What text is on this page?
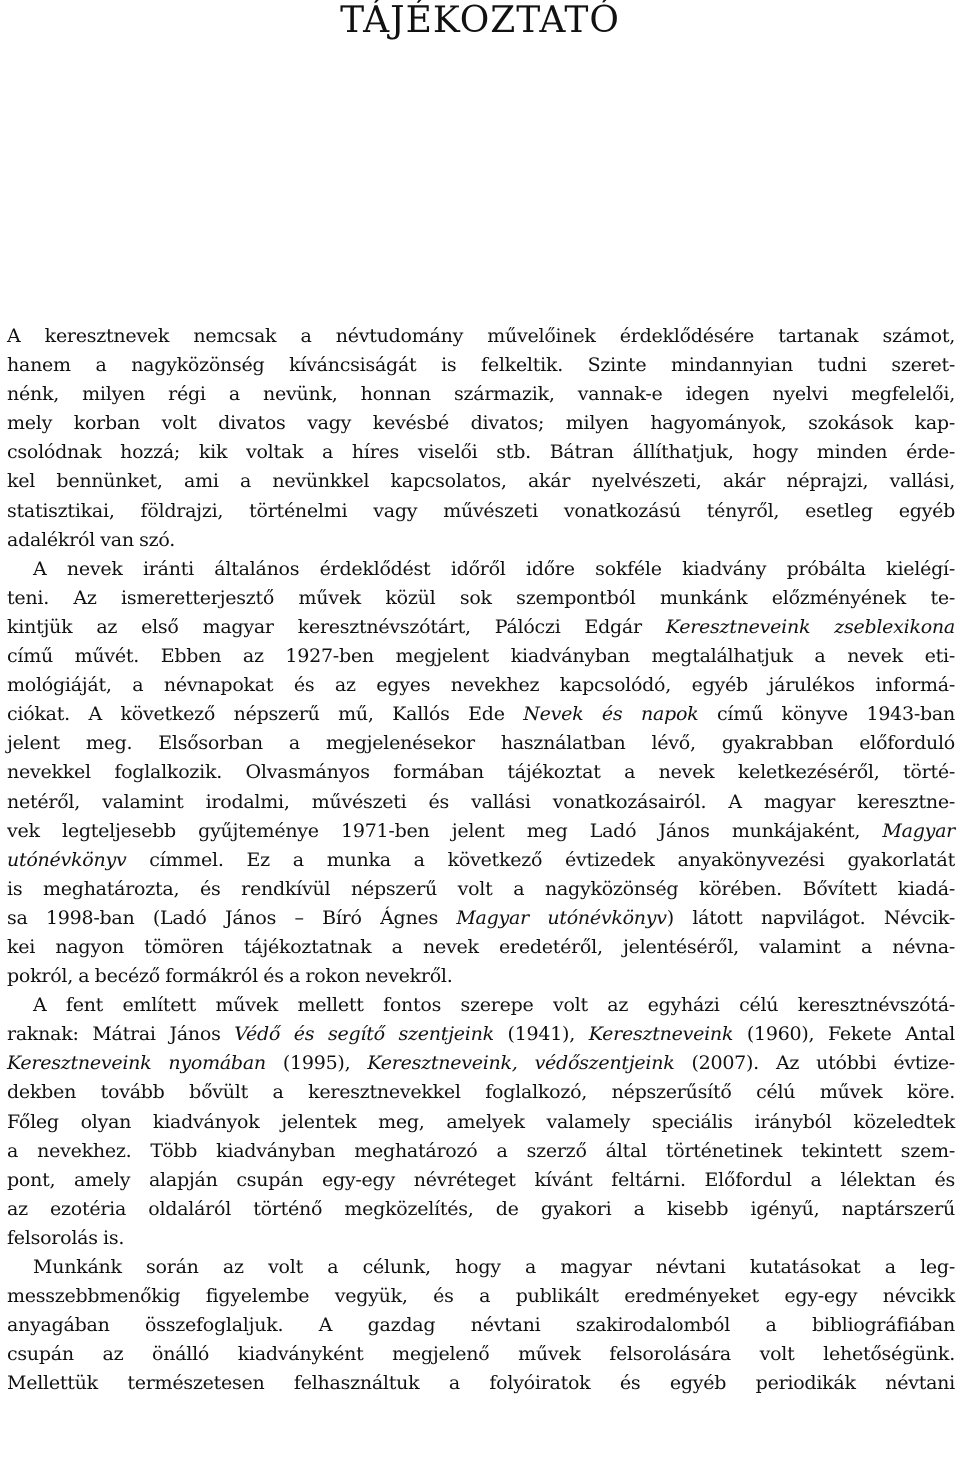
TÁJÉKOZTATÓ

A keresztnevek nemcsak a névtudomány művelőinek érdeklődésére tartanak számot,

hanem a nagyközönség kíváncsiságát is felkeltik. Szinte mindannyian tudni szeret-

nénk, milyen régi a nevünk, honnan származik, vannak-e idegen nyelvi megfelelői,

mely korban volt divatos vagy kevésbé divatos; milyen hagyományok, szokások kap-

csolódnak hozzá; kik voltak a híres viselői stb. Bátran állíthatjuk, hogy minden érde-

kel bennünket, ami a nevünkkel kapcsolatos, akár nyelvészeti, akár néprajzi, vallási,

statisztikai, földrajzi, történelmi vagy művészeti vonatkozású tényről, esetleg egyéb

adalékról van szó.

A nevek iránti általános érdeklődést időről időre sokféle kiadvány próbálta kielégí-

teni. Az ismeretterjesztő művek közül sok szempontból munkánk előzményének te-

kintjük az első magyar keresztnévszótárt, Pálóczi Edgár Keresztneveink zseblexikona

című művét. Ebben az 1927-ben megjelent kiadványban megtalálhatjuk a nevek eti-

mológiáját, a névnapokat és az egyes nevekhez kapcsolódó, egyéb járulékos informá-

ciókat. A következő népszerű mű, Kallós Ede Nevek és napok című könyve 1943-ban

jelent meg. Elsősorban a megjelenésekor használatban lévő, gyakrabban előforduló

nevekkel foglalkozik. Olvasmányos formában tájékoztat a nevek keletkezéséről, törté-

netéről, valamint irodalmi, művészeti és vallási vonatkozásairól. A magyar keresztne-

vek legteljesebb gyűjteménye 1971-ben jelent meg Ladó János munkájaként, Magyar

utónévkönyv címmel. Ez a munka a következő évtizedek anyakönyvezési gyakorlatát

is meghatározta, és rendkívül népszerű volt a nagyközönség körében. Bővített kiadá-

sa 1998-ban (Ladó János – Bíró Ágnes Magyar utónévkönyv) látott napvilágot. Névcik-

kei nagyon tömören tájékoztatnak a nevek eredetéről, jelentéséről, valamint a névna-

pokról, a becéző formákról és a rokon nevekről.

A fent említett művek mellett fontos szerepe volt az egyházi célú keresztnévszótá-

raknak: Mátrai János Védő és segítő szentjeink (1941), Keresztneveink (1960), Fekete Antal

Keresztneveink nyomában (1995), Keresztneveink, védőszentjeink (2007). Az utóbbi évtize-

dekben tovább bővült a keresztnevekkel foglalkozó, népszerűsítő célú művek köre.

Főleg olyan kiadványok jelentek meg, amelyek valamely speciális irányból közeledtek

a nevekhez. Több kiadványban meghatározó a szerző által történetinek tekintett szem-

pont, amely alapján csupán egy-egy névréteget kívánt feltárni. Előfordul a lélektan és

az ezotéria oldaláról történő megközelítés, de gyakori a kisebb igényű, naptárszerű

felsorolás is.

Munkánk során az volt a célunk, hogy a magyar névtani kutatásokat a leg-

messzebbmenőkig figyelembe vegyük, és a publikált eredményeket egy-egy névcikk

anyagában összefoglaljuk. A gazdag névtani szakirodalomból a bibliográfiában

csupán az önálló kiadványként megjelenő művek felsorolására volt lehetőségünk.

Mellettük természetesen felhasználtuk a folyóiratok és egyéb periodikák névtani
